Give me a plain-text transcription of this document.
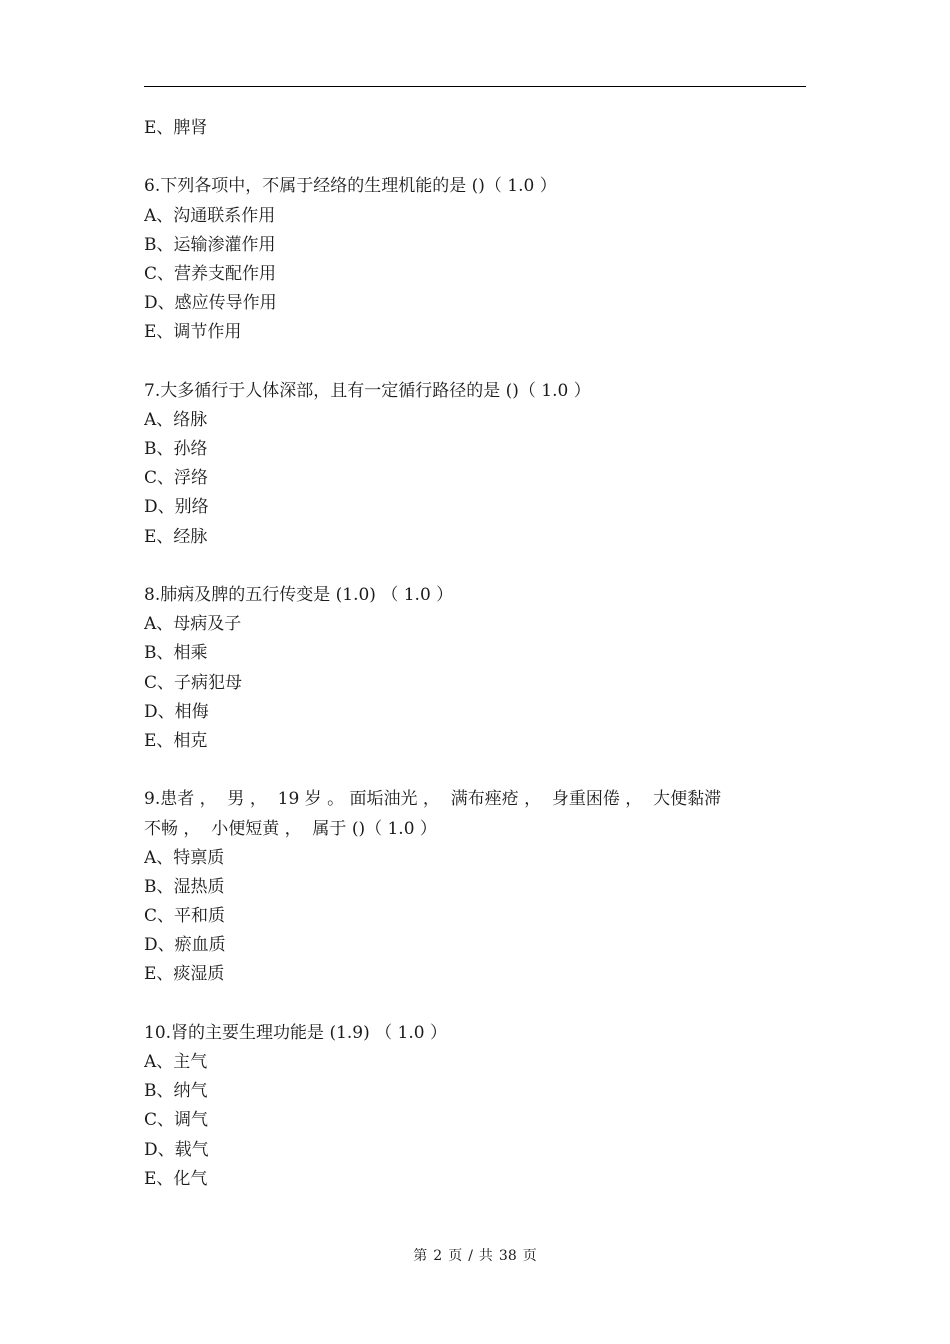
E、脾肾

6.下列各项中，不属于经络的生理机能的是 ()（ 1.0 ）
A、沟通联系作用
B、运输渗灌作用
C、营养支配作用
D、感应传导作用
E、调节作用

7.大多循行于人体深部，且有一定循行路径的是 ()（ 1.0 ）
A、络脉
B、孙络
C、浮络
D、别络
E、经脉

8.肺病及脾的五行传变是 (1.0) （ 1.0 ）
A、母病及子
B、相乘
C、子病犯母
D、相侮
E、相克

9.患者 ，  男 ，  19 岁 。 面垢油光 ，  满布痤疮 ，  身重困倦 ，  大便黏滞
不畅 ，  小便短黄 ，  属于 ()（ 1.0 ）
A、特禀质
B、湿热质
C、平和质
D、瘀血质
E、痰湿质

10.肾的主要生理功能是 (1.9) （ 1.0 ）
A、主气
B、纳气
C、调气
D、载气
E、化气

第 2 页 / 共 38 页
